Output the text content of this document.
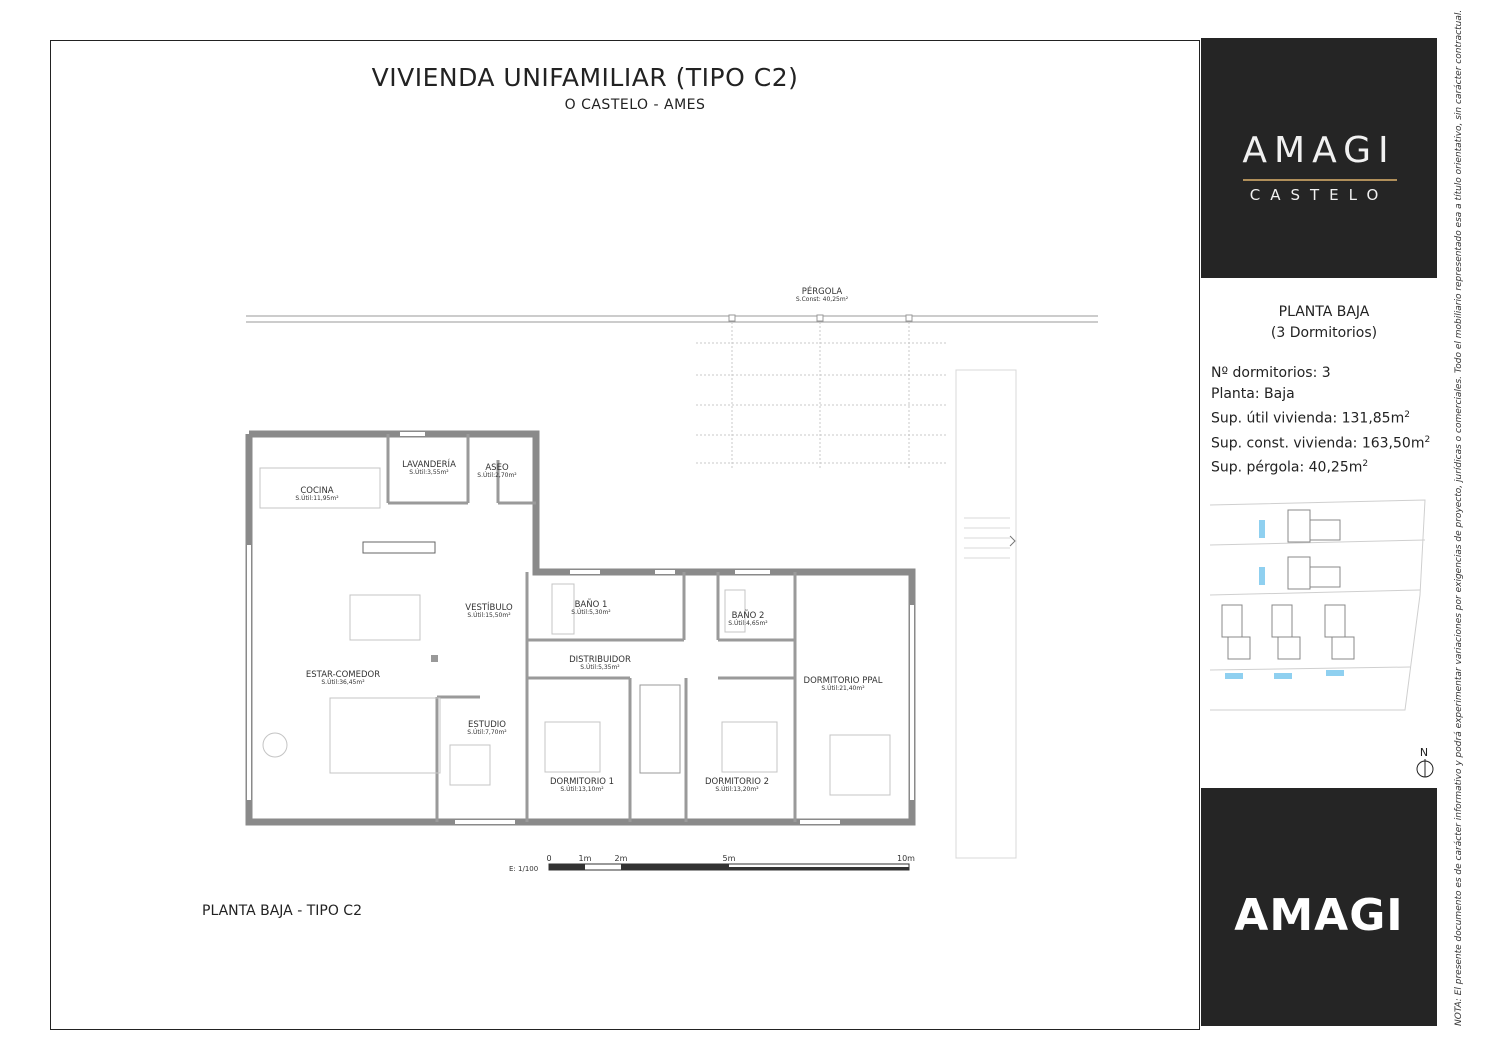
VIVIENDA UNIFAMILIAR (TIPO C2)
O CASTELO - AMES
PÉRGOLA
S.Const: 40,25m²
COCINA
S.Útil:11,95m²
LAVANDERÍA
S.Útil:3,55m²	ASEO
S.Útil:2,70m²
VESTÍBULO
S.Útil:15,50m²
BAÑO 1
S.Útil:5,30m²	BAÑO 2
S.Útil:4,65m²
DISTRIBUIDOR
S.Útil:5,35m²
DORMITORIO PPAL
S.Útil:21,40m²
ESTAR-COMEDOR
S.Útil:36,45m²
ESTUDIO
S.Útil:7,70m²
DORMITORIO 1
S.Útil:13,10m²
DORMITORIO 2
S.Útil:13,20m²
E: 1/100
0	1m	2m	5m	10m
PLANTA BAJA - TIPO C2
AMAGI
CASTELO
PLANTA BAJA
(3 Dormitorios)
Nº dormitorios: 3
Planta: Baja
Sup. útil vivienda: $131,85m^2$
Sup. const. vivienda: $163,50m^2$
Sup. pérgola: $40,25m^2$
N
AMAGI	NOTA: El presente documento es de carácter informativo y podrá experimentar variaciones por exigencias de proyecto, jurídicas o comerciales. Todo el mobiliario representado esa a título orientativo, sin carácter contractual.
